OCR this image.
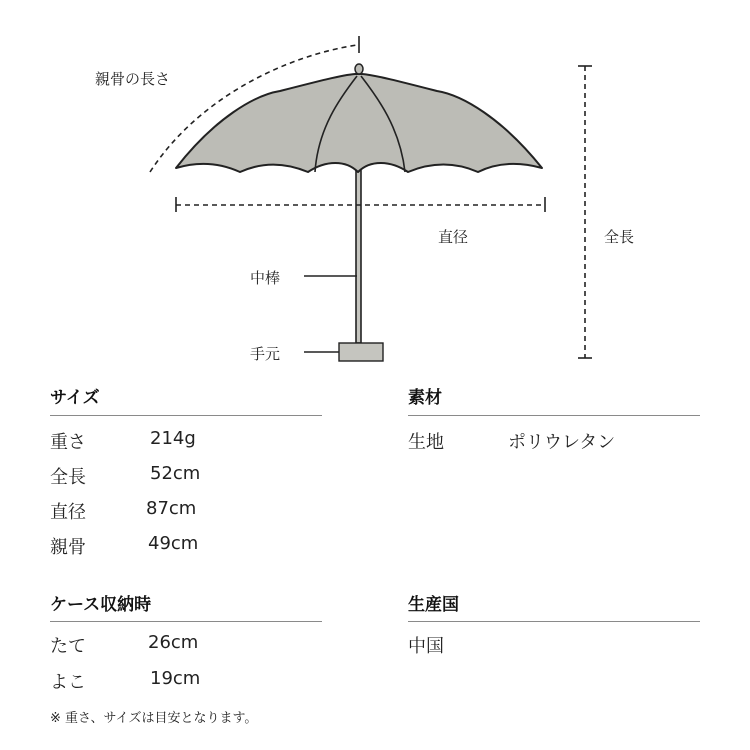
親骨の長さ
直径	全長
中棒
手元
サイズ
重さ	214g
全長	52cm
直径	87cm
親骨	49cm
素材
生地	ポリウレタン
ケース収納時
たて	26cm
よこ	19cm
生産国
中国
※ 重さ、サイズは目安となります。
